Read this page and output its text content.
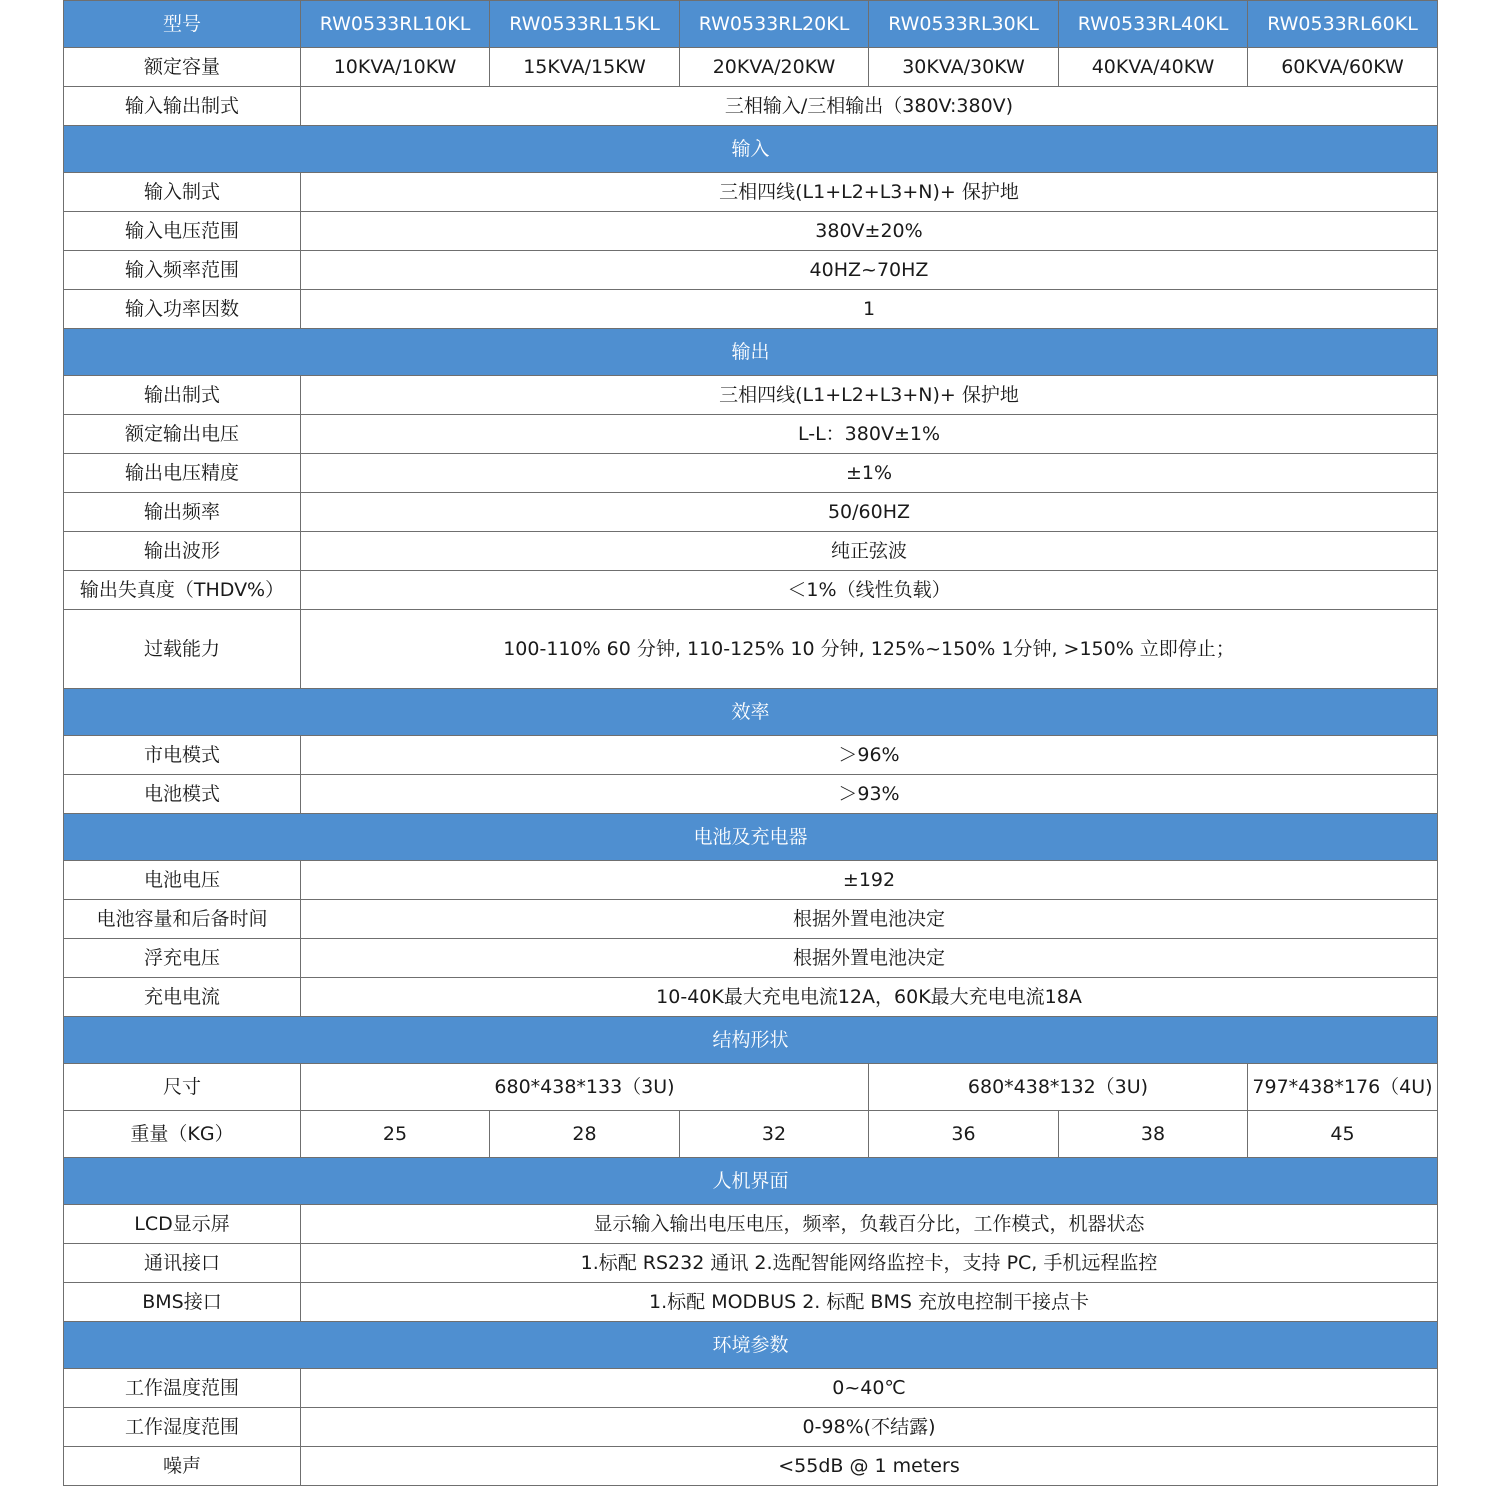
型号	RW0533RL10KL	RW0533RL15KL	RW0533RL20KL	RW0533RL30KL	RW0533RL40KL	RW0533RL60KL
额定容量	10KVA/10KW	15KVA/15KW	20KVA/20KW	30KVA/30KW	40KVA/40KW	60KVA/60KW
输入输出制式	三相输入/三相输出（380V:380V)					
输入						
输入制式	三相四线(L1+L2+L3+N)+ 保护地					
输入电压范围	380V±20%					
输入频率范围	40HZ~70HZ					
输入功率因数	1					
输出						
输出制式	三相四线(L1+L2+L3+N)+ 保护地					
额定输出电压	L-L：380V±1%					
输出电压精度	±1%					
输出频率	50/60HZ					
输出波形	纯正弦波					
输出失真度（THDV%）	＜1%（线性负载）					
过载能力	100-110% 60 分钟, 110-125% 10 分钟, 125%~150% 1分钟, >150% 立即停止；					
效率						
市电模式	＞96%					
电池模式	＞93%					
电池及充电器						
电池电压	±192					
电池容量和后备时间	根据外置电池决定					
浮充电压	根据外置电池决定					
充电电流	10-40K最大充电电流12A，60K最大充电电流18A					
结构形状						
尺寸	680*438*133（3U)			680*438*132（3U)		797*438*176（4U)
重量（KG）	25	28	32	36	38	45
人机界面						
LCD显示屏	显示输入输出电压电压，频率，负载百分比，工作模式，机器状态					
通讯接口	1.标配 RS232 通讯 2.选配智能网络监控卡，支持 PC, 手机远程监控					
BMS接口	1.标配 MODBUS 2. 标配 BMS 充放电控制干接点卡					
环境参数						
工作温度范围	0~40℃					
工作湿度范围	0-98%(不结露)					
噪声	<55dB @ 1 meters					
